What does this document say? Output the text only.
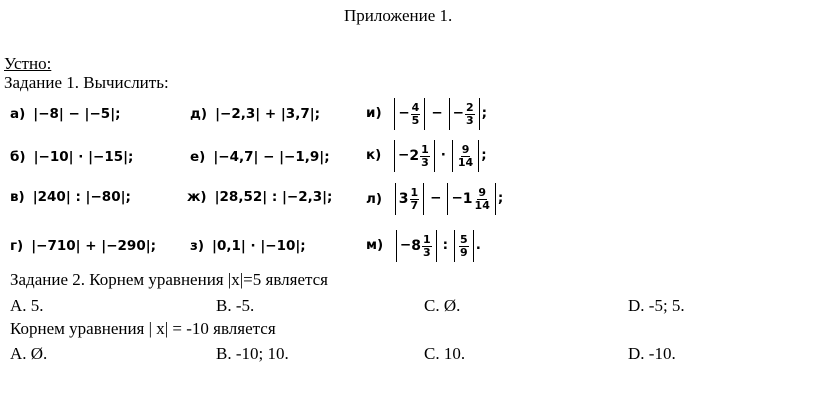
Приложение 1.
Устно:
Задание 1. Вычислить:
а) |−8| − |−5|;
б) |−10| · |−15|;
в) |240| : |−80|;
г) |−710| + |−290|;
д) |−2,3| + |3,7|;
е) |−4,7| − |−1,9|;
ж) |28,52| : |−2,3|;
з) |0,1| · |−10|;
$и) - \frac{4}{5}$ − − $\frac{2}{3}$ ;
$к) - 2 \frac{1}{3} \cdot \frac{9}{14}$ ;
л) $3 \frac{1}{7}$ − − $1 \frac{9}{14}$ ;
$м) - 8 \frac{1}{3}$ : $\frac{5}{9}$ .
Задание 2. Корнем уравнения |x|=5 является
A. 5.	B. -5.	C. Ø.	D. -5; 5.
Корнем уравнения | x| = -10 является
A. Ø.	B. -10; 10.	C. 10.	D. -10.
